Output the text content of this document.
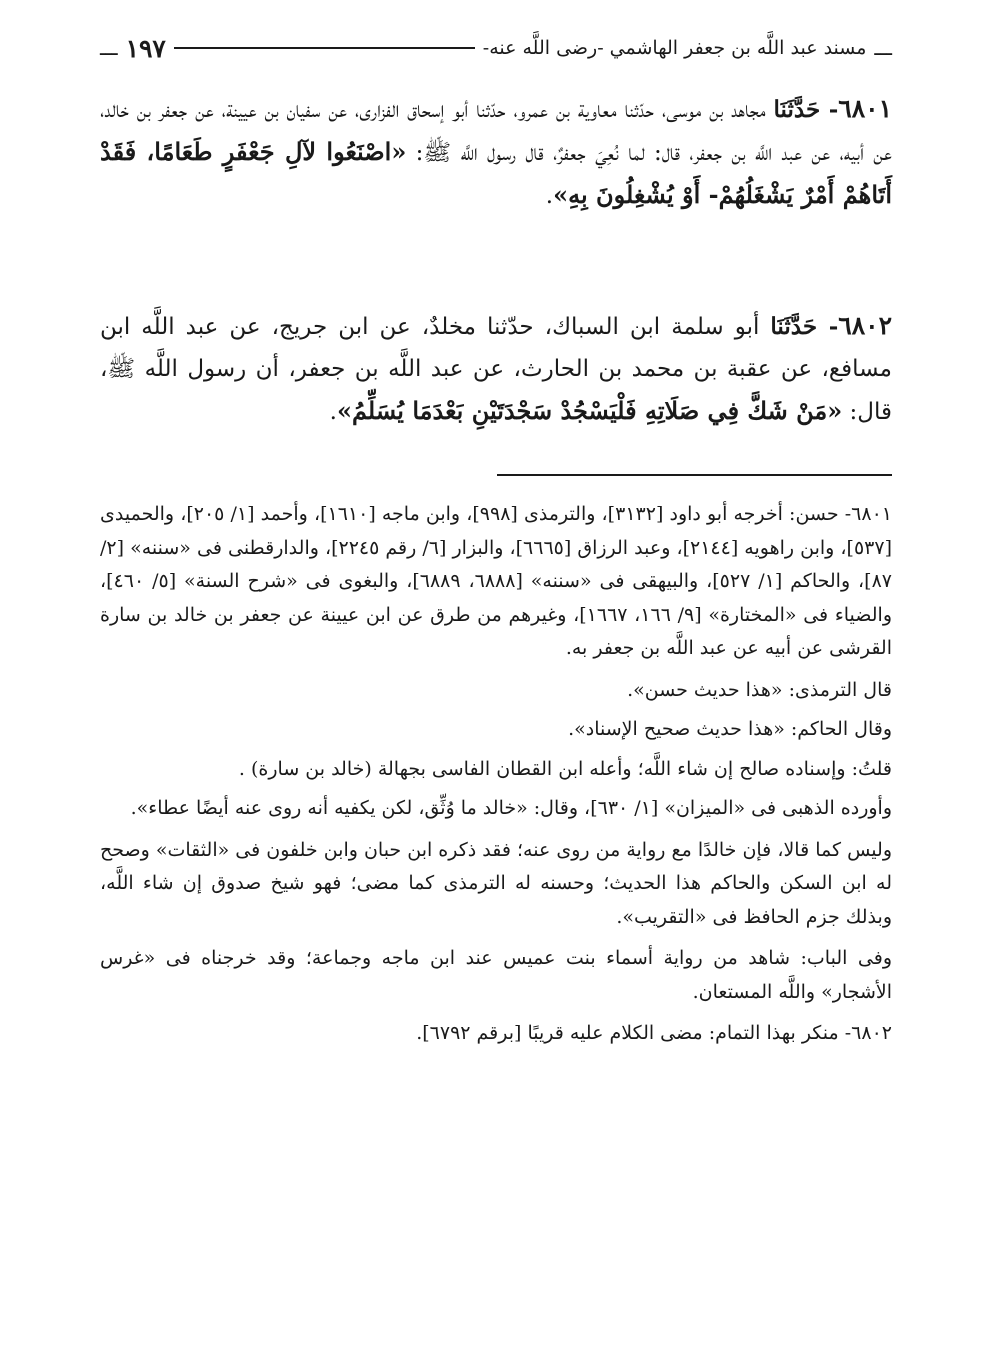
ـــ
مسند عبد اللَّه بن جعفر الهاشمي -رضى اللَّه عنه-
١٩٧
ـــ

٦٨٠١- حَدَّثَنَا مجاهد بن موسى، حدّثنا معاوية بن عمرو، حدّثنا أبو إسحاق الفزارى، عن سفيان بن عيينة، عن جعفر بن خالد، عن أبيه، عن عبد اللَّه بن جعفر، قال: لما نُعِيَ جعفرٌ، قال رسول اللَّه ﷺ: «اصْنَعُوا لآلِ جَعْفَرٍ طَعَامًا، فَقَدْ أَتَاهُمْ أَمْرٌ يَشْغَلُهُمْ- أَوْ يُشْغِلُونَ بِهِ».

٦٨٠٢- حَدَّثَنَا أبو سلمة ابن السباك، حدّثنا مخلدٌ، عن ابن جريج، عن عبد اللَّه ابن مسافع، عن عقبة بن محمد بن الحارث، عن عبد اللَّه بن جعفر، أن رسول اللَّه ﷺ، قال: «مَنْ شَكَّ فِي صَلَاتِهِ فَلْيَسْجُدْ سَجْدَتَيْنِ بَعْدَمَا يُسَلِّمُ».

٦٨٠١- حسن: أخرجه أبو داود [٣١٣٢]، والترمذى [٩٩٨]، وابن ماجه [١٦١٠]، وأحمد [١/ ٢٠٥]، والحميدى [٥٣٧]، وابن راهويه [٢١٤٤]، وعبد الرزاق [٦٦٦٥]، والبزار [٦/ رقم ٢٢٤٥]، والدارقطنى فى «سننه» [٢/ ٨٧]، والحاكم [١/ ٥٢٧]، والبيهقى فى «سننه» [٦٨٨٨، ٦٨٨٩]، والبغوى فى «شرح السنة» [٥/ ٤٦٠]، والضياء فى «المختارة» [٩/ ١٦٦، ١٦٦٧]، وغيرهم من طرق عن ابن عيينة عن جعفر بن خالد بن سارة القرشى عن أبيه عن عبد اللَّه بن جعفر به.

قال الترمذى: «هذا حديث حسن».

وقال الحاكم: «هذا حديث صحيح الإسناد».

قلتُ: وإسناده صالح إن شاء اللَّه؛ وأعله ابن القطان الفاسى بجهالة (خالد بن سارة) .

وأورده الذهبى فى «الميزان» [١/ ٦٣٠]، وقال: «خالد ما وُثِّق، لكن يكفيه أنه روى عنه أيضًا عطاء».

وليس كما قالا، فإن خالدًا مع رواية من روى عنه؛ فقد ذكره ابن حبان وابن خلفون فى «الثقات» وصحح له ابن السكن والحاكم هذا الحديث؛ وحسنه له الترمذى كما مضى؛ فهو شيخ صدوق إن شاء اللَّه، وبذلك جزم الحافظ فى «التقريب».

وفى الباب: شاهد من رواية أسماء بنت عميس عند ابن ماجه وجماعة؛ وقد خرجناه فى «غرس الأشجار» واللَّه المستعان.

٦٨٠٢- منكر بهذا التمام: مضى الكلام عليه قريبًا [برقم ٦٧٩٢].
